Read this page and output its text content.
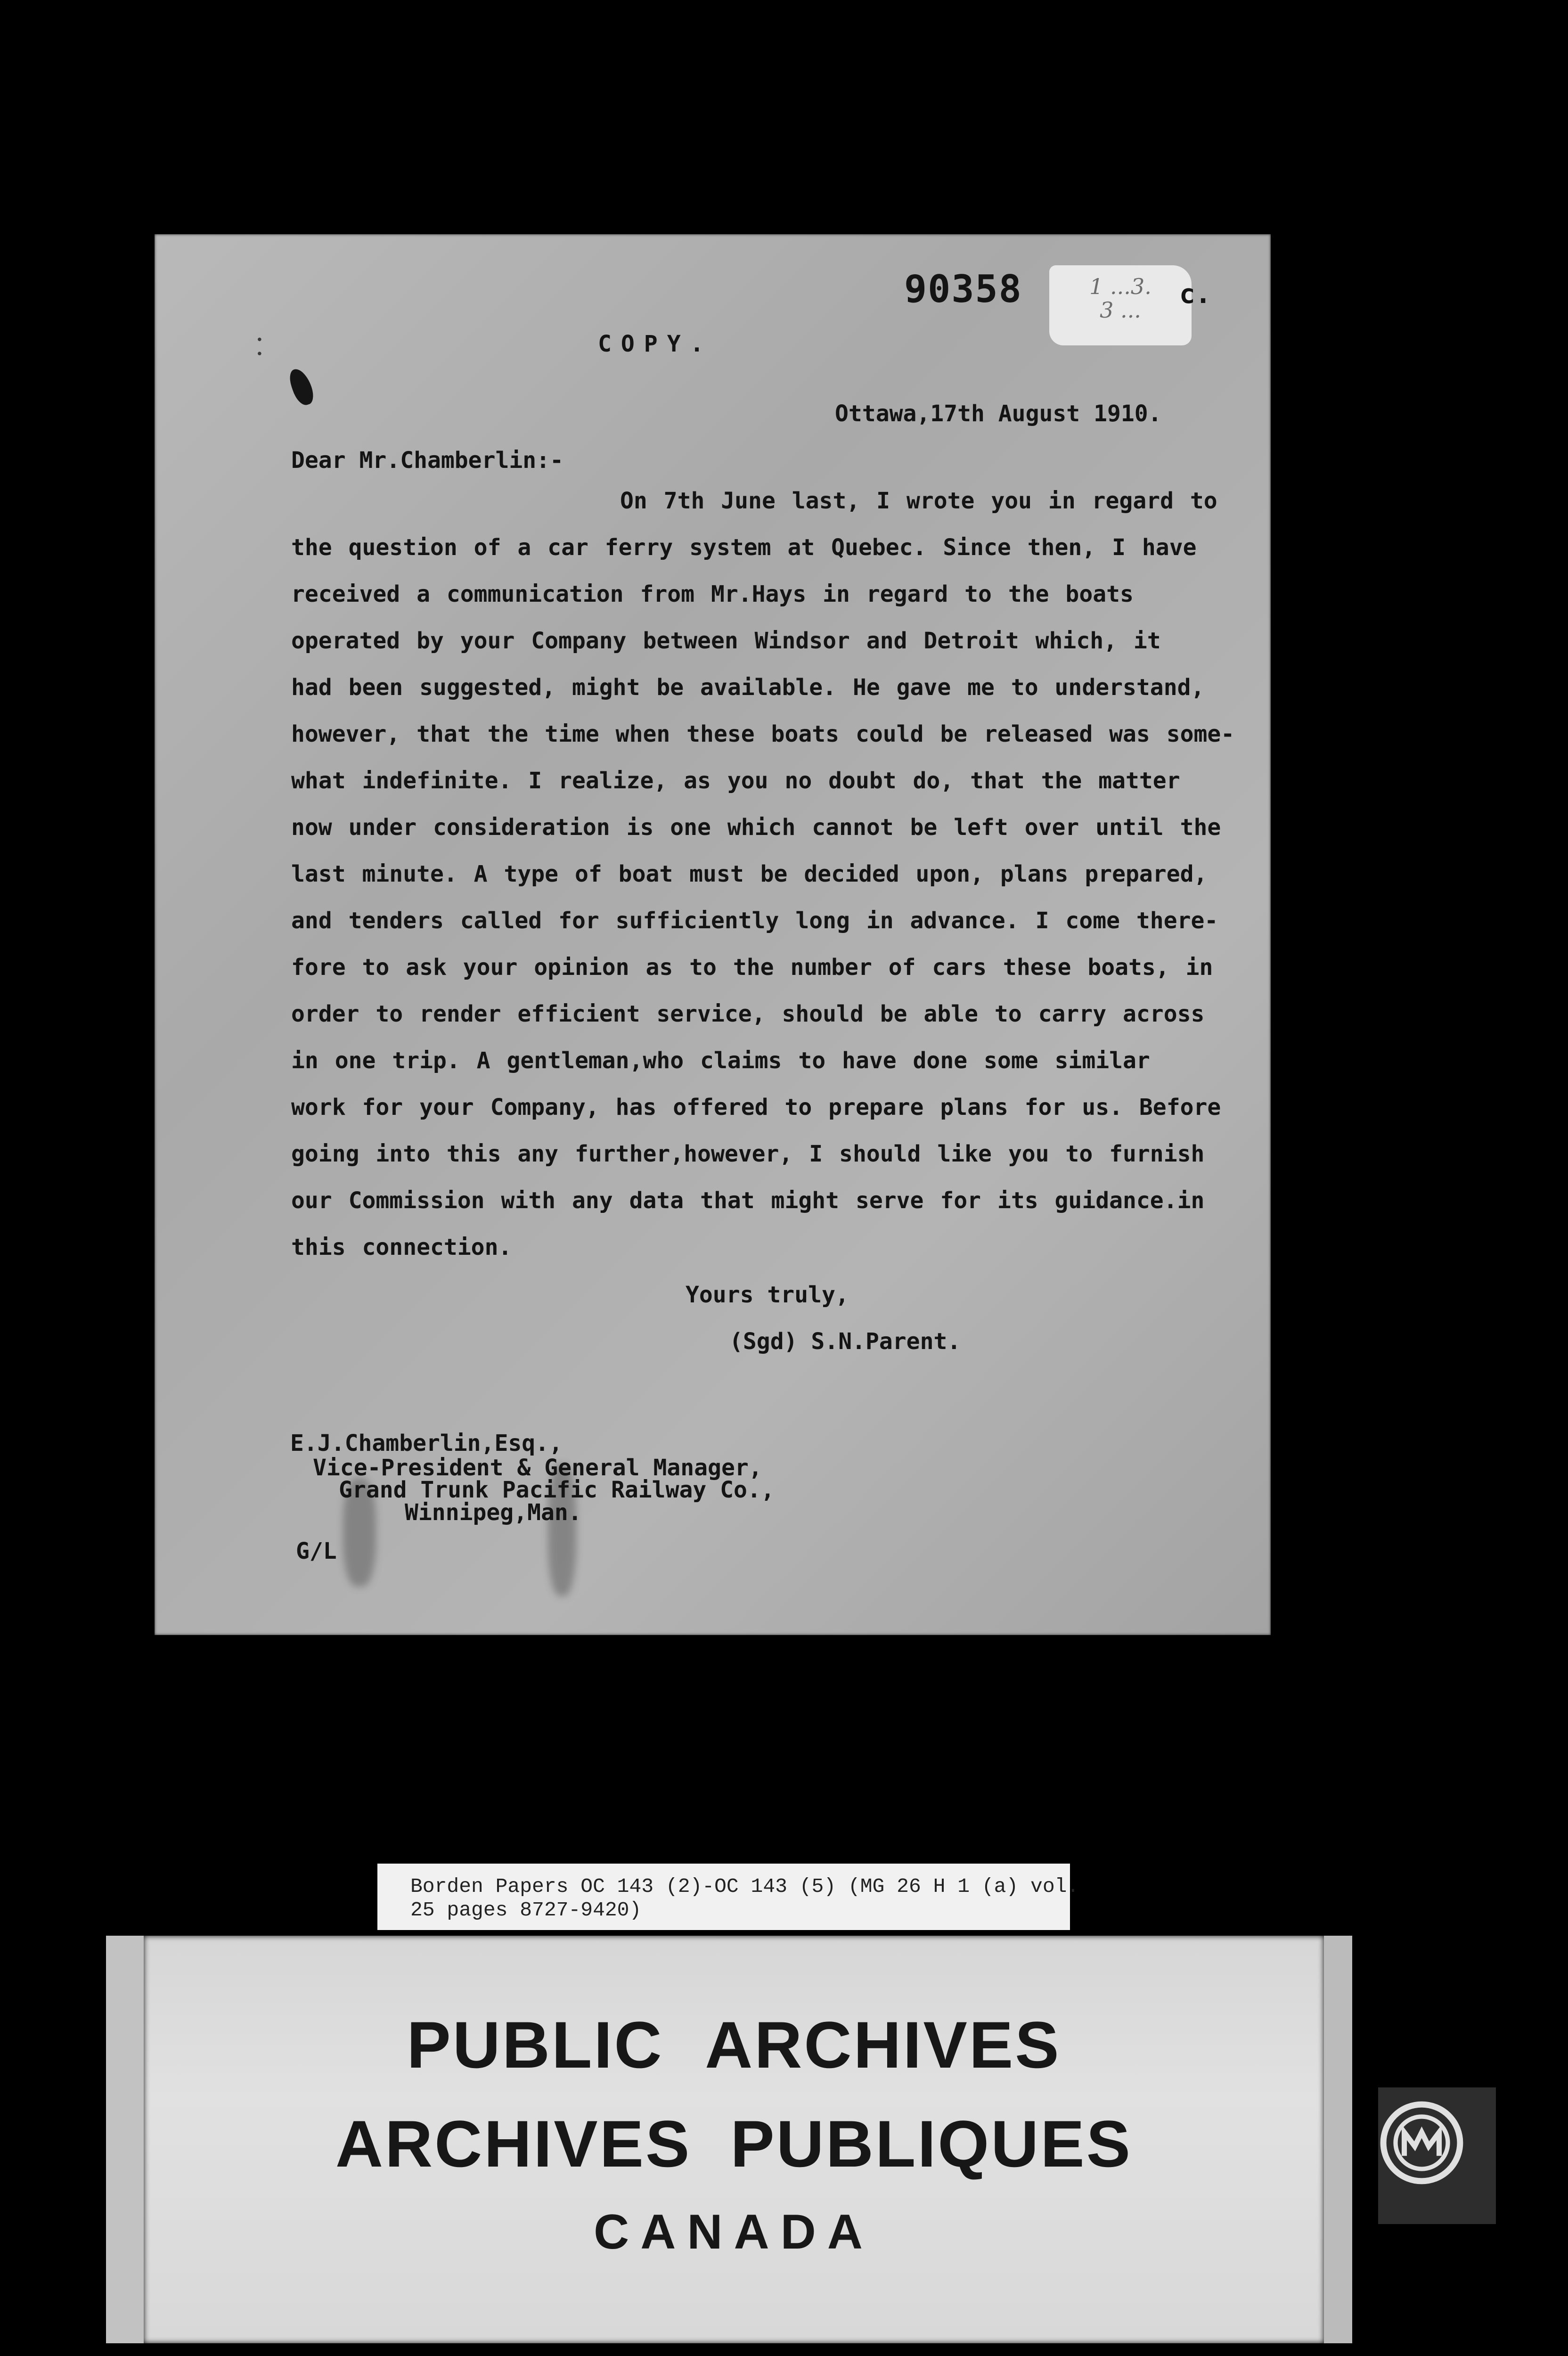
•
•
90358	1 ...3.
3 ...
c.
COPY.
Ottawa,17th August 1910.
Dear Mr.Chamberlin:-
On 7th June last, I wrote you in regard to
the question of a car ferry system at Quebec. Since then, I have
received a communication from Mr.Hays in regard to the boats
operated by your Company between Windsor and Detroit which, it
had been suggested, might be available. He gave me to understand,
however, that the time when these boats could be released was some-
what indefinite. I realize, as you no doubt do, that the matter
now under consideration is one which cannot be left over until the
last minute. A type of boat must be decided upon, plans prepared,
and tenders called for sufficiently long in advance. I come there-
fore to ask your opinion as to the number of cars these boats, in
order to render efficient service, should be able to carry across
in one trip. A gentleman,who claims to have done some similar
work for your Company, has offered to prepare plans for us. Before
going into this any further,however, I should like you to furnish
our Commission with any data that might serve for its guidance.in
this connection.
Yours truly,
(Sgd) S.N.Parent.
E.J.Chamberlin,Esq.,
Vice-President & General Manager,
Grand Trunk Pacific Railway Co.,
Winnipeg,Man.
G/L
Borden Papers OC 143 (2)-OC 143 (5) (MG 26 H 1 (a) vol.
25 pages 8727-9420)
PUBLIC ARCHIVES
ARCHIVES PUBLIQUES
CANADA
